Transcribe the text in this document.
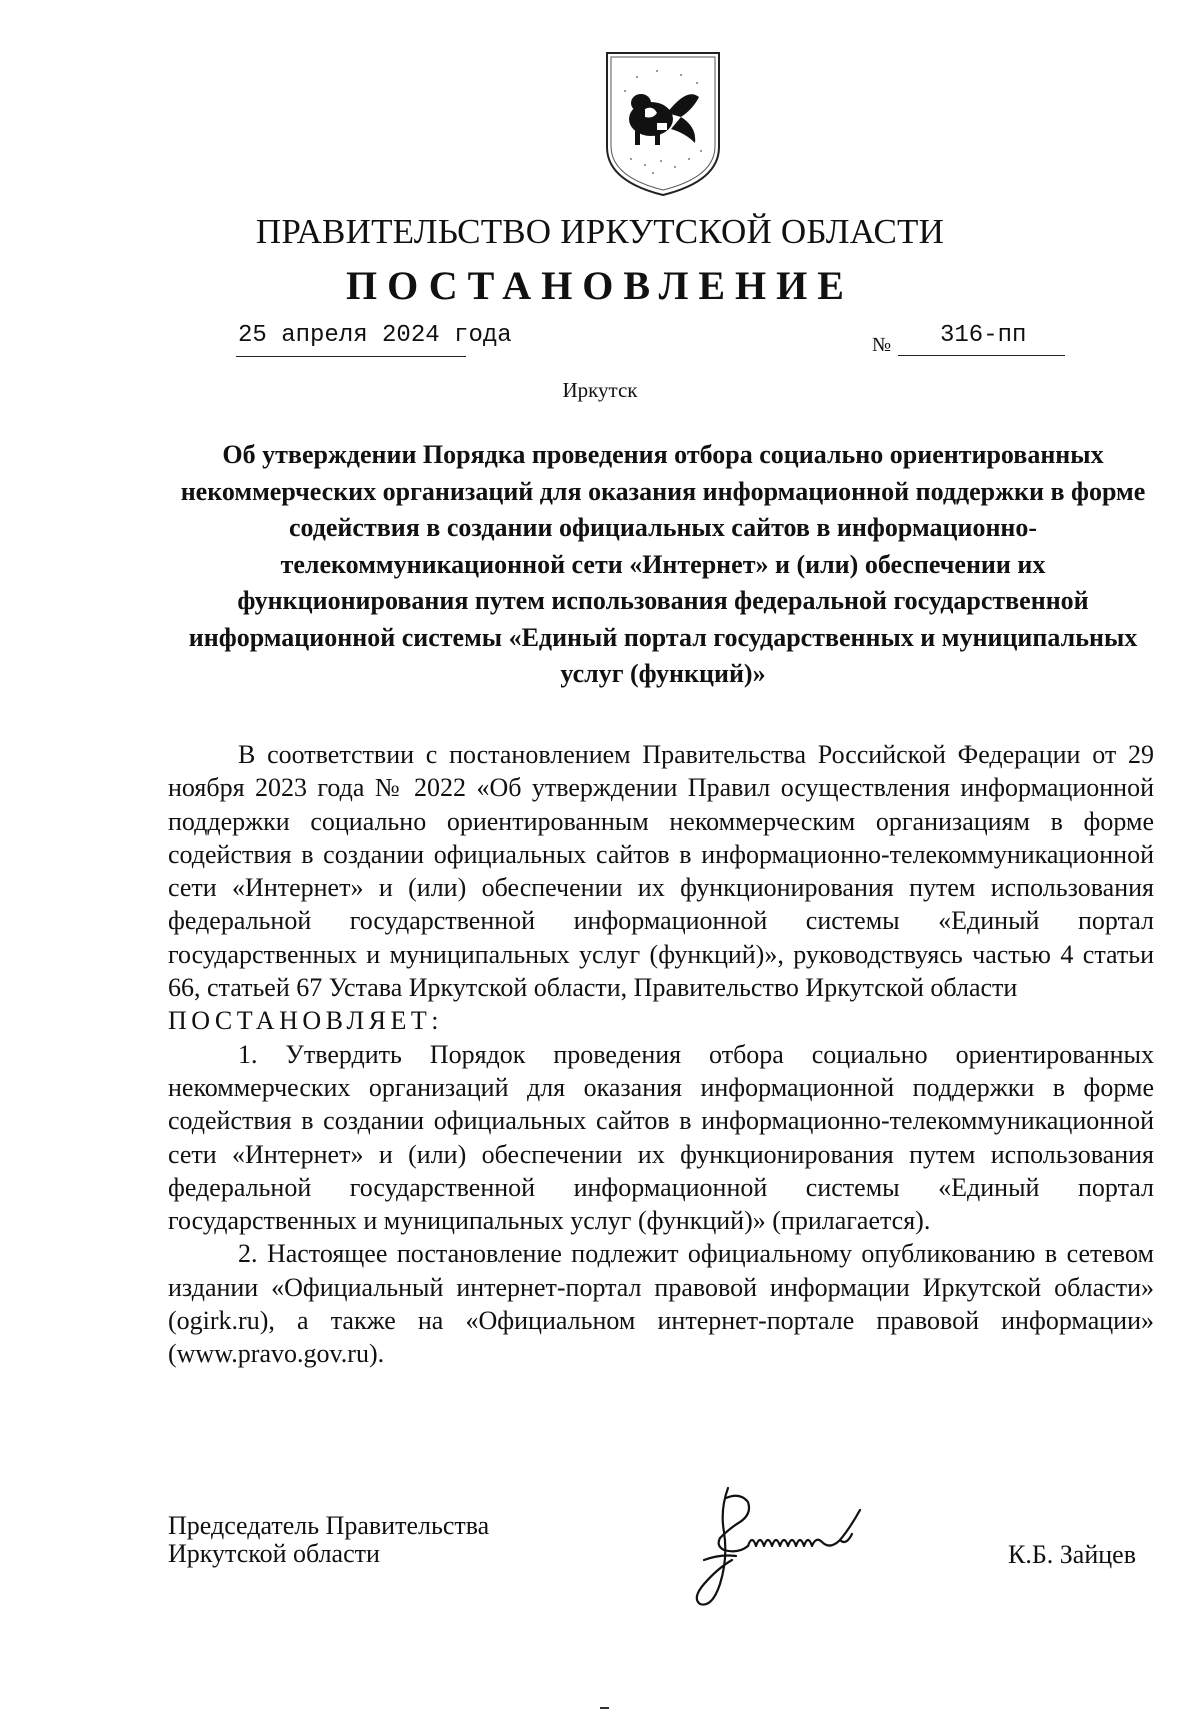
ПРАВИТЕЛЬСТВО ИРКУТСКОЙ ОБЛАСТИ
ПОСТАНОВЛЕНИЕ
25 апреля 2024 года	№ 316-пп
Иркутск
Об утверждении Порядка проведения отбора социально ориентированных некоммерческих организаций для оказания информационной поддержки в форме содействия в создании официальных сайтов в информационно-телекоммуникационной сети «Интернет» и (или) обеспечении их функционирования путем использования федеральной государственной информационной системы «Единый портал государственных и муниципальных услуг (функций)»

В соответствии с постановлением Правительства Российской Федерации от 29 ноября 2023 года № 2022 «Об утверждении Правил осуществления информационной поддержки социально ориентированным некоммерческим организациям в форме содействия в создании официальных сайтов в информационно-телекоммуникационной сети «Интернет» и (или) обеспечении их функционирования путем использования федеральной государственной информационной системы «Единый портал государственных и муниципальных услуг (функций)», руководствуясь частью 4 статьи 66, статьей 67 Устава Иркутской области, Правительство Иркутской области

ПОСТАНОВЛЯЕТ:

1. Утвердить Порядок проведения отбора социально ориентированных некоммерческих организаций для оказания информационной поддержки в форме содействия в создании официальных сайтов в информационно-телекоммуникационной сети «Интернет» и (или) обеспечении их функционирования путем использования федеральной государственной информационной системы «Единый портал государственных и муниципальных услуг (функций)» (прилагается).

2. Настоящее постановление подлежит официальному опубликованию в сетевом издании «Официальный интернет-портал правовой информации Иркутской области» (ogirk.ru), а также на «Официальном интернет-портале правовой информации» (www.pravo.gov.ru).

Председатель Правительства
Иркутской области	К.Б. Зайцев
